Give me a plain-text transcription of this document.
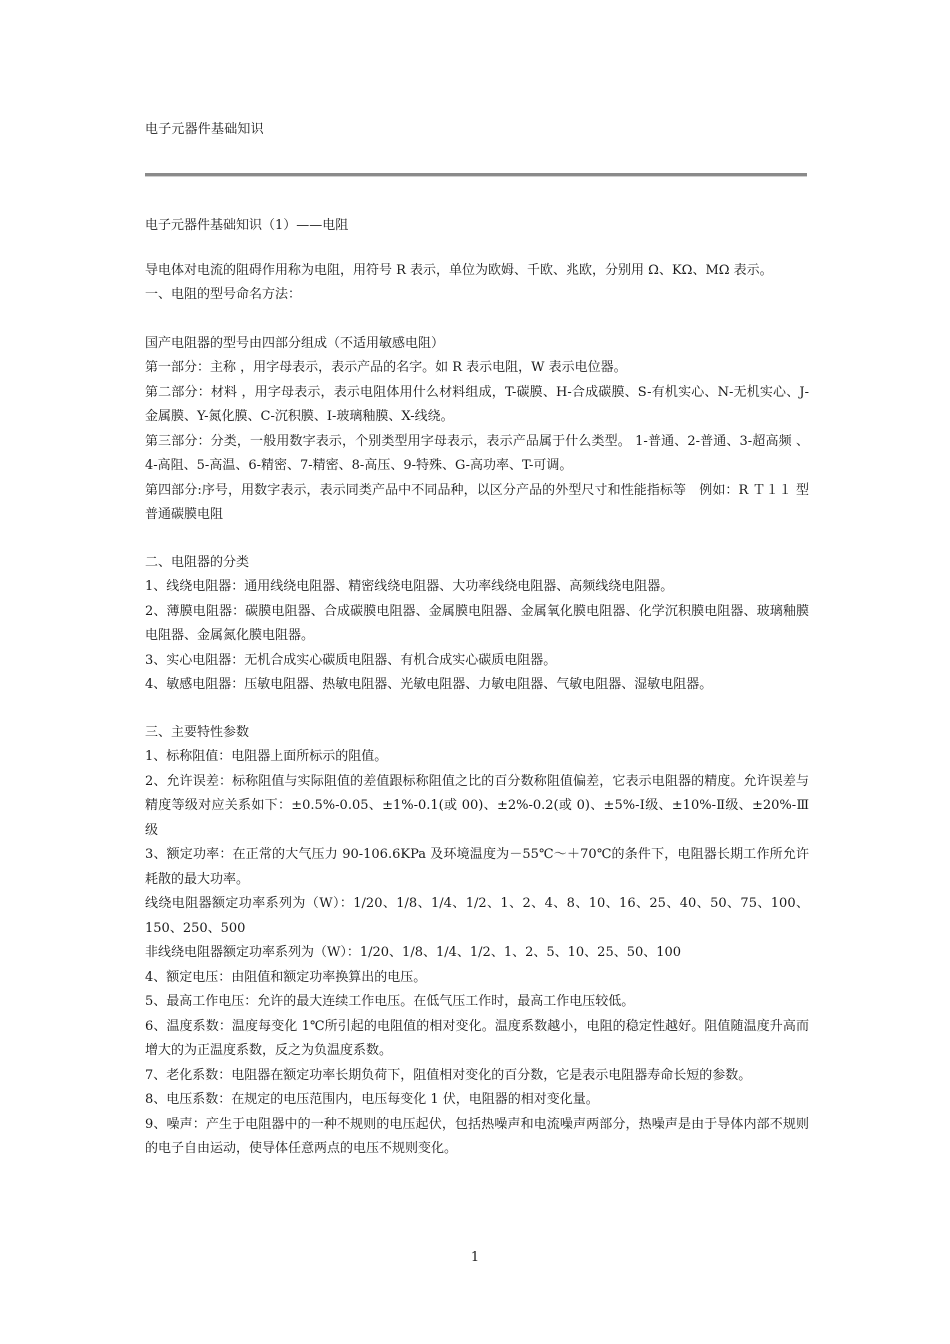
电子元器件基础知识

电子元器件基础知识（1）——电阻

导电体对电流的阻碍作用称为电阻，用符号 R 表示，单位为欧姆、千欧、兆欧，分别用 Ω、KΩ、MΩ 表示。

一、电阻的型号命名方法：

国产电阻器的型号由四部分组成（不适用敏感电阻）

第一部分：主称 ，用字母表示，表示产品的名字。如 R 表示电阻，W 表示电位器。

第二部分：材料 ，用字母表示，表示电阻体用什么材料组成，T-碳膜、H-合成碳膜、S-有机实心、N-无机实心、J-金属膜、Y-氮化膜、C-沉积膜、I-玻璃釉膜、X-线绕。

第三部分：分类，一般用数字表示，个别类型用字母表示，表示产品属于什么类型。 1-普通、2-普通、3-超高频 、4-高阻、5-高温、6-精密、7-精密、8-高压、9-特殊、G-高功率、T-可调。

第四部分:序号，用数字表示，表示同类产品中不同品种，以区分产品的外型尺寸和性能指标等　例如：R Ｔ１１ 型普通碳膜电阻

二、电阻器的分类

1、线绕电阻器：通用线绕电阻器、精密线绕电阻器、大功率线绕电阻器、高频线绕电阻器。

2、薄膜电阻器：碳膜电阻器、合成碳膜电阻器、金属膜电阻器、金属氧化膜电阻器、化学沉积膜电阻器、玻璃釉膜电阻器、金属氮化膜电阻器。

3、实心电阻器：无机合成实心碳质电阻器、有机合成实心碳质电阻器。

4、敏感电阻器：压敏电阻器、热敏电阻器、光敏电阻器、力敏电阻器、气敏电阻器、湿敏电阻器。

三、主要特性参数

1、标称阻值：电阻器上面所标示的阻值。

2、允许误差：标称阻值与实际阻值的差值跟标称阻值之比的百分数称阻值偏差，它表示电阻器的精度。允许误差与精度等级对应关系如下：±0.5%-0.05、±1%-0.1(或 00)、±2%-0.2(或 0)、±5%-Ⅰ级、±10%-Ⅱ级、±20%-Ⅲ级

3、额定功率：在正常的大气压力 90-106.6KPa 及环境温度为－55℃～＋70℃的条件下，电阻器长期工作所允许耗散的最大功率。

线绕电阻器额定功率系列为（W）：1/20、1/8、1/4、1/2、1、2、4、8、10、16、25、40、50、75、100、150、250、500

非线绕电阻器额定功率系列为（W）：1/20、1/8、1/4、1/2、1、2、5、10、25、50、100

4、额定电压：由阻值和额定功率换算出的电压。

5、最高工作电压：允许的最大连续工作电压。在低气压工作时，最高工作电压较低。

6、温度系数：温度每变化 1℃所引起的电阻值的相对变化。温度系数越小，电阻的稳定性越好。阻值随温度升高而增大的为正温度系数，反之为负温度系数。

7、老化系数：电阻器在额定功率长期负荷下，阻值相对变化的百分数，它是表示电阻器寿命长短的参数。

8、电压系数：在规定的电压范围内，电压每变化 1 伏，电阻器的相对变化量。

9、噪声：产生于电阻器中的一种不规则的电压起伏，包括热噪声和电流噪声两部分，热噪声是由于导体内部不规则的电子自由运动，使导体任意两点的电压不规则变化。

1
